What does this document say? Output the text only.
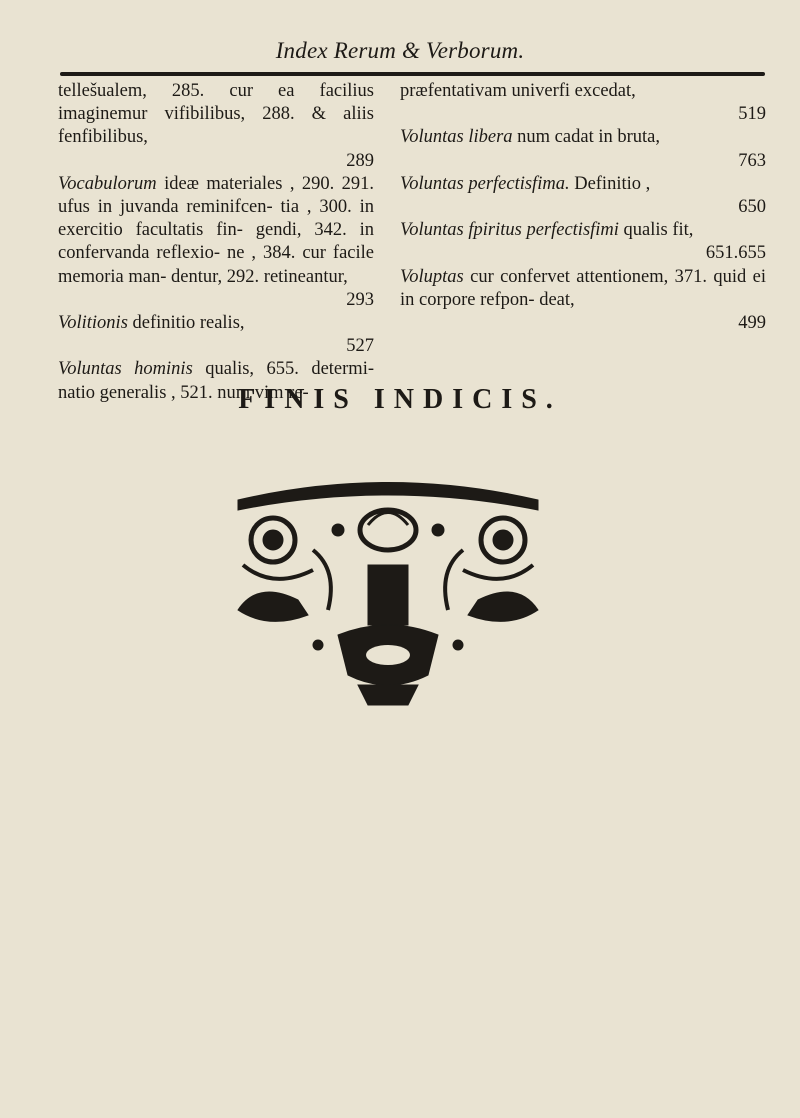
Index Rerum & Verborum.

tellešualem, 285. cur ea facilius imaginemur vifibilibus, 288. & aliis fenfibilibus,
289

Vocabulorum ideæ materiales , 290. 291. ufus in juvanda reminifcen- tia , 300. in exercitio facultatis fin- gendi, 342. in confervanda reflexio- ne , 384. cur facile memoria man- dentur, 292. retineantur,
293

Volitionis definitio realis,
527

Voluntas hominis qualis, 655. determi- natio generalis , 521. num vim re-

præfentativam univerfi excedat,
519

Voluntas libera num cadat in bruta,
763

Voluntas perfectisfima. Definitio ,
650

Voluntas fpiritus perfectisfimi qualis fit,
651.655

Voluptas cur confervet attentionem, 371. quid ei in corpore refpon- deat,
499

FINIS INDICIS.
